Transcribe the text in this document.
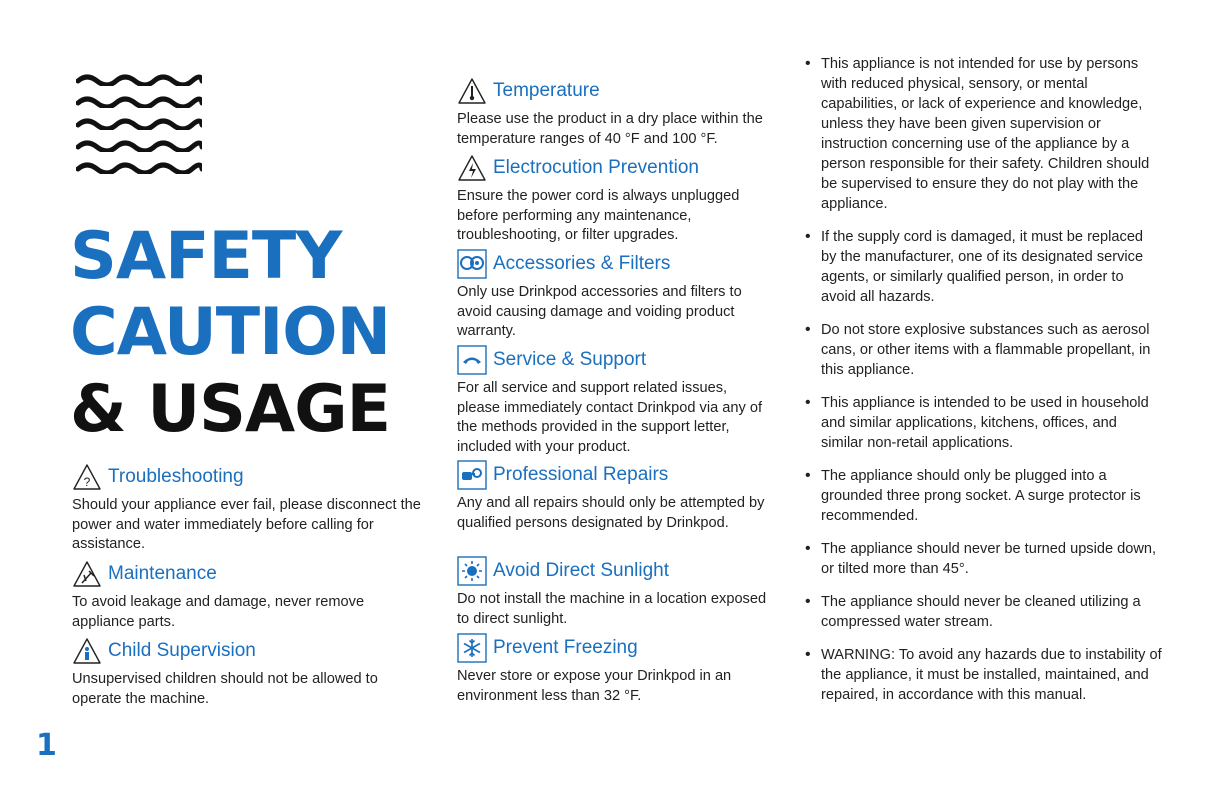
SAFETY
CAUTION
& USAGE
? Troubleshooting

Should your appliance ever fail, please disconnect the power and water immediately before calling for assistance.

Maintenance

To avoid leakage and damage, never remove appliance parts.

Child Supervision

Unsupervised children should not be allowed to operate the machine.

Temperature

Please use the product in a dry place within the temperature ranges of 40 °F and 100 °F.

Electrocution Prevention

Ensure the power cord is always unplugged before performing any maintenance, troubleshooting, or filter upgrades.

Accessories & Filters

Only use Drinkpod accessories and filters to avoid causing damage and voiding product warranty.

Service & Support

For all service and support related issues, please immediately contact Drinkpod via any of the methods provided in the support letter, included with your product.

Professional Repairs

Any and all repairs should only be attempted by qualified persons designated by Drinkpod.

Avoid Direct Sunlight

Do not install the machine in a location exposed to direct sunlight.

Prevent Freezing

Never store or expose your Drinkpod in an environment less than 32 °F.

• This appliance is not intended for use by persons with reduced physical, sensory, or mental capabilities, or lack of experience and knowledge, unless they have been given supervision or instruction concerning use of the appliance by a person responsible for their safety. Children should be supervised to ensure they do not play with the appliance.
• If the supply cord is damaged, it must be replaced by the manufacturer, one of its designated service agents, or similarly qualified person, in order to avoid all hazards.
• Do not store explosive substances such as aerosol cans, or other items with a flammable propellant, in this appliance.
• This appliance is intended to be used in household and similar applications, kitchens, offices, and similar non-retail applications.
• The appliance should only be plugged into a grounded three prong socket. A surge protector is recommended.
• The appliance should never be turned upside down, or tilted more than 45°.
• The appliance should never be cleaned utilizing a compressed water stream.
• WARNING: To avoid any hazards due to instability of the appliance, it must be installed, maintained, and repaired, in accordance with this manual.
1
